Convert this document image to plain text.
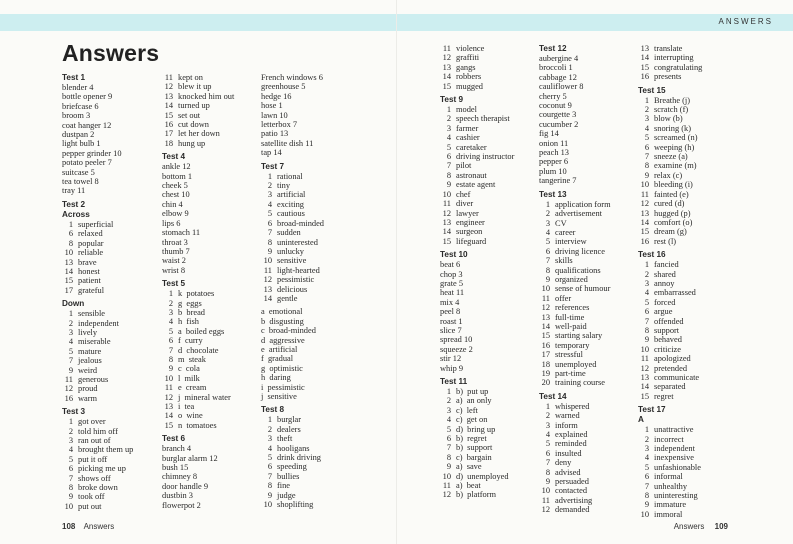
ANSWERS
Answers
Test 1
blender 4
bottle opener 9
briefcase 6
broom 3
coat hanger 12
dustpan 2
light bulb 1
pepper grinder 10
potato peeler 7
suitcase 5
tea towel 8
tray 11
Test 2
Across
1 superficial
6 relaxed
8 popular
10 reliable
13 brave
14 honest
15 patient
17 grateful
Down
1 sensible
2 independent
3 lively
4 miserable
5 mature
7 jealous
9 weird
11 generous
12 proud
16 warm
Test 3
1 got over
2 told him off
3 ran out of
4 brought them up
5 put it off
6 picking me up
7 shows off
8 broke down
9 took off
10 put out
11 kept on
12 blew it up
13 knocked him out
14 turned up
15 set out
16 cut down
17 let her down
18 hung up
Test 4
ankle 12
bottom 1
cheek 5
chest 10
chin 4
elbow 9
lips 6
stomach 11
throat 3
thumb 7
waist 2
wrist 8
Test 5
1 k  potatoes
2 g  eggs
3 b  bread
4 h  fish
5 a  boiled eggs
6 f  curry
7 d  chocolate
8 m  steak
9 c  cola
10 l  milk
11 e  cream
12 j  mineral water
13 i  tea
14 o  wine
15 n  tomatoes
Test 6
branch 4
burglar alarm 12
bush 15
chimney 8
door handle 9
dustbin 3
flowerpot 2
French windows 6
greenhouse 5
hedge 16
hose 1
lawn 10
letterbox 7
patio 13
satellite dish 11
tap 14
Test 7
1 rational
2 tiny
3 artificial
4 exciting
5 cautious
6 broad-minded
7 sudden
8 uninterested
9 unlucky
10 sensitive
11 light-hearted
12 pessimistic
13 delicious
14 gentle
a  emotional
b  disgusting
c  broad-minded
d  aggressive
e  artificial
f  gradual
g  optimistic
h  daring
i  pessimistic
j  sensitive
Test 8
1 burglar
2 dealers
3 theft
4 hooligans
5 drink driving
6 speeding
7 bullies
8 fine
9 judge
10 shoplifting
11 violence
12 graffiti
13 gangs
14 robbers
15 mugged
Test 9
1 model
2 speech therapist
3 farmer
4 cashier
5 caretaker
6 driving instructor
7 pilot
8 astronaut
9 estate agent
10 chef
11 diver
12 lawyer
13 engineer
14 surgeon
15 lifeguard
Test 10
beat 6
chop 3
grate 5
heat 11
mix 4
peel 8
roast 1
slice 7
spread 10
squeeze 2
stir 12
whip 9
Test 11
1 b)  put up
2 a)  an only
3 c)  left
4 c)  get on
5 d)  bring up
6 b)  regret
7 b)  support
8 c)  bargain
9 a)  save
10 d)  unemployed
11 a)  beat
12 b)  platform
Test 12
aubergine 4
broccoli 1
cabbage 12
cauliflower 8
cherry 5
coconut 9
courgette 3
cucumber 2
fig 14
onion 11
peach 13
pepper 6
plum 10
tangerine 7
Test 13
1 application form
2 advertisement
3 CV
4 career
5 interview
6 driving licence
7 skills
8 qualifications
9 organized
10 sense of humour
11 offer
12 references
13 full-time
14 well-paid
15 starting salary
16 temporary
17 stressful
18 unemployed
19 part-time
20 training course
Test 14
1 whispered
2 warned
3 inform
4 explained
5 reminded
6 insulted
7 deny
8 advised
9 persuaded
10 contacted
11 advertising
12 demanded
13 translate
14 interrupting
15 congratulating
16 presents
Test 15
1 Breathe (j)
2 scratch (f)
3 blow (b)
4 snoring (k)
5 screamed (n)
6 weeping (h)
7 sneeze (a)
8 examine (m)
9 relax (c)
10 bleeding (i)
11 fainted (e)
12 cured (d)
13 hugged (p)
14 comfort (o)
15 dream (g)
16 rest (l)
Test 16
1 fancied
2 shared
3 annoy
4 embarrassed
5 forced
6 argue
7 offended
8 support
9 behaved
10 criticize
11 apologized
12 pretended
13 communicate
14 separated
15 regret
Test 17
A
1 unattractive
2 incorrect
3 independent
4 inexpensive
5 unfashionable
6 informal
7 unhealthy
8 uninteresting
9 immature
10 immoral
108 Answers	Answers 109
